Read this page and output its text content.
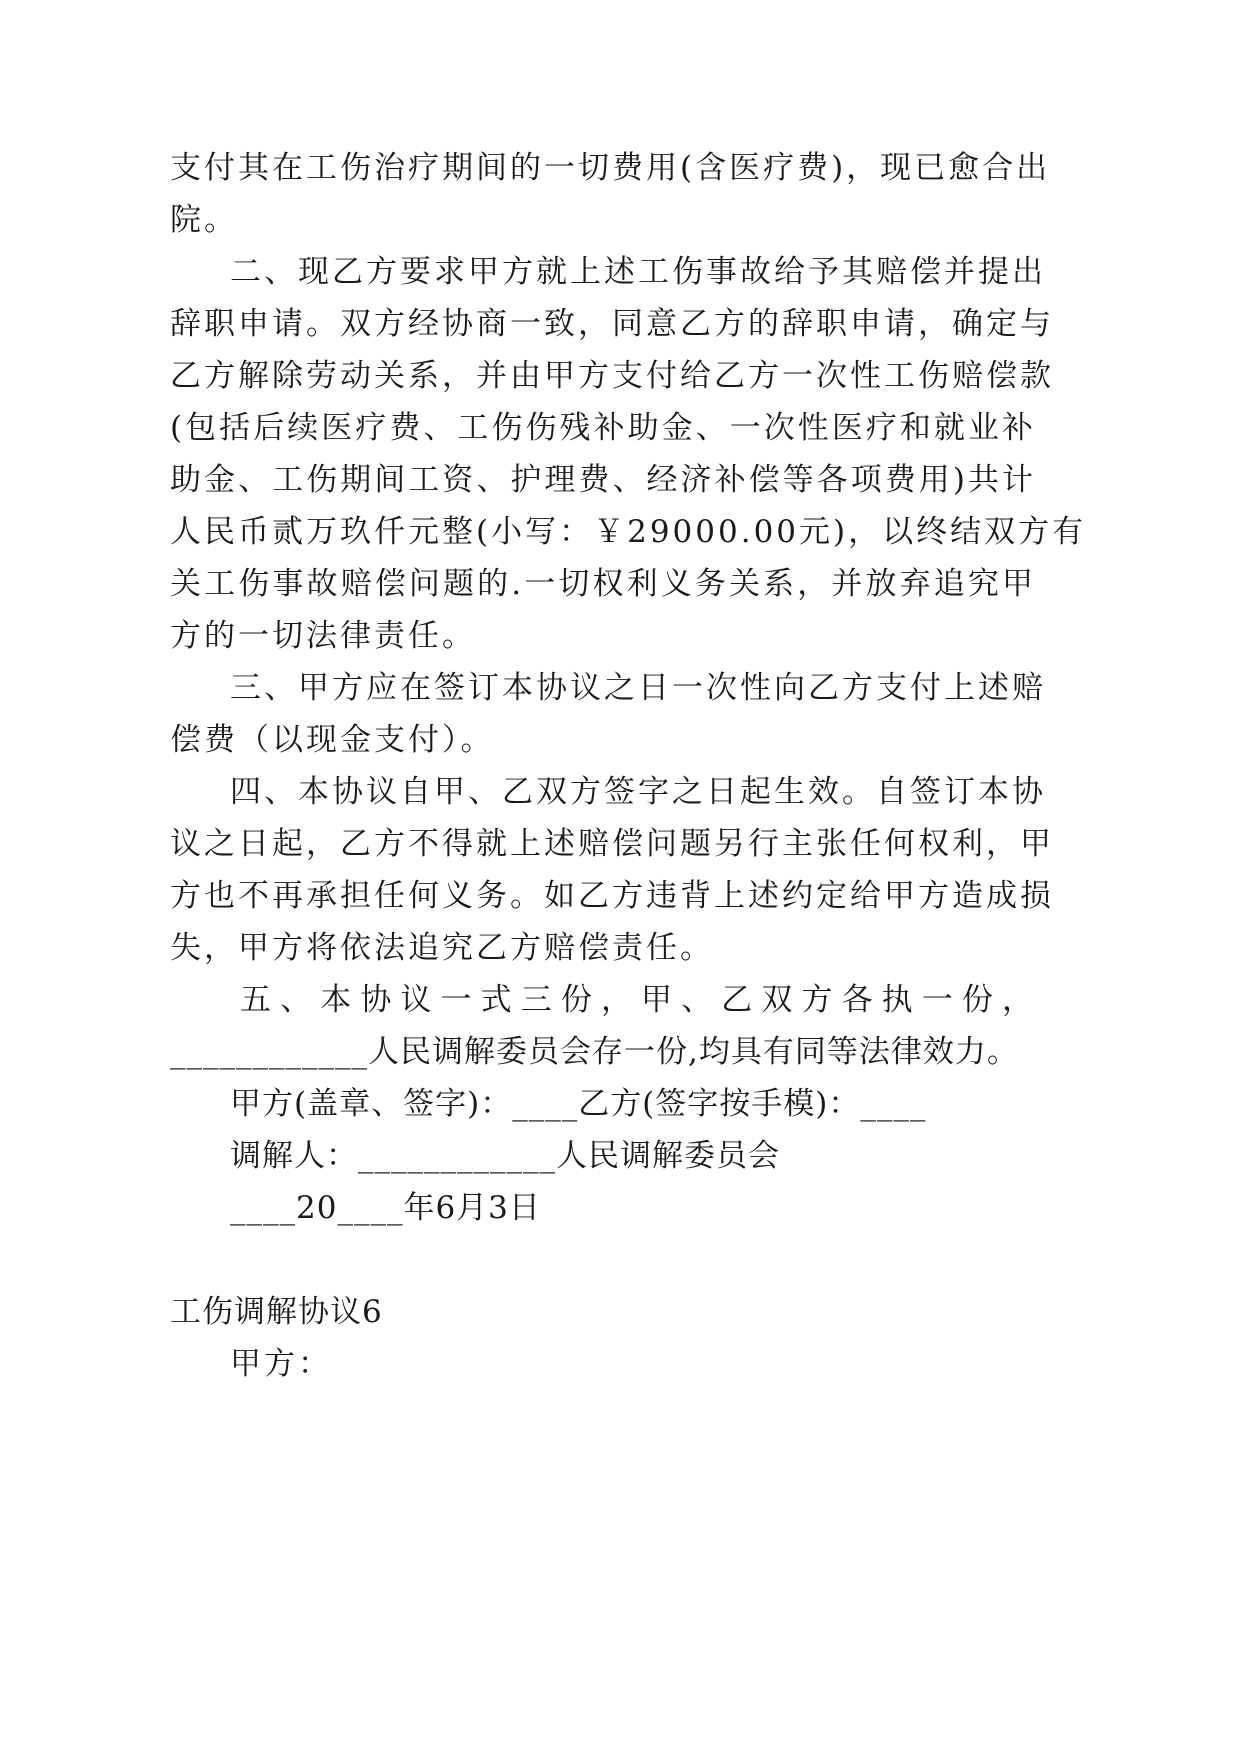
支付其在工伤治疗期间的一切费用(含医疗费)，现已愈合出
院。
二、现乙方要求甲方就上述工伤事故给予其赔偿并提出
辞职申请。双方经协商一致，同意乙方的辞职申请，确定与
乙方解除劳动关系，并由甲方支付给乙方一次性工伤赔偿款
(包括后续医疗费、工伤伤残补助金、一次性医疗和就业补
助金、工伤期间工资、护理费、经济补偿等各项费用)共计
人民币贰万玖仟元整(小写：￥29000.00元)，以终结双方有
关工伤事故赔偿问题的.一切权利义务关系，并放弃追究甲
方的一切法律责任。
三、甲方应在签订本协议之日一次性向乙方支付上述赔
偿费（以现金支付）。
四、本协议自甲、乙双方签字之日起生效。自签订本协
议之日起，乙方不得就上述赔偿问题另行主张任何权利，甲
方也不再承担任何义务。如乙方违背上述约定给甲方造成损
失，甲方将依法追究乙方赔偿责任。
五、本协议一式三份，甲、乙双方各执一份，
____________人民调解委员会存一份,均具有同等法律效力。
甲方(盖章、签字)：____乙方(签字按手模)：____
调解人：____________人民调解委员会
____20____年6月3日
工伤调解协议6
甲方：
